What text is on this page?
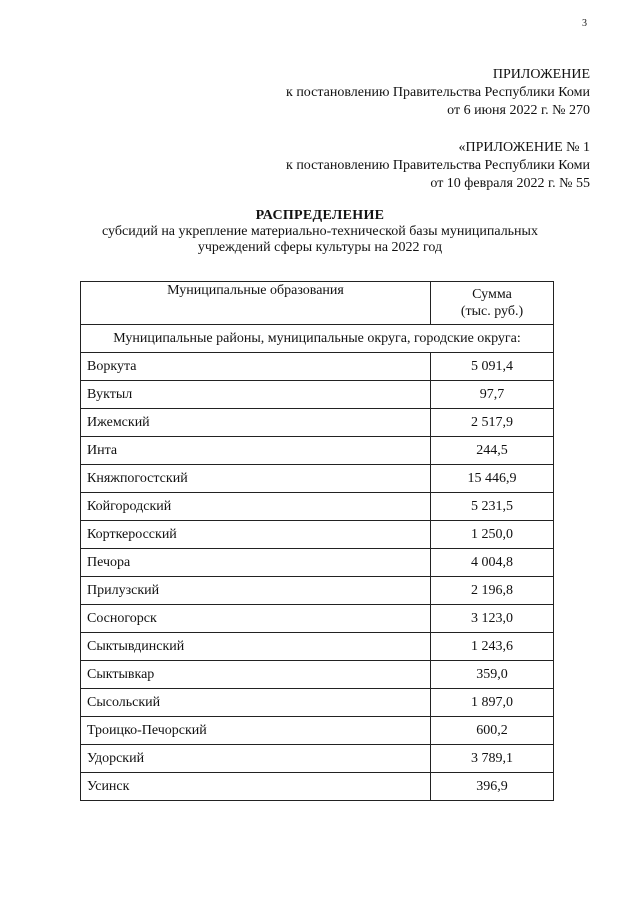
3
ПРИЛОЖЕНИЕ
к постановлению Правительства Республики Коми
от 6 июня 2022 г. № 270
«ПРИЛОЖЕНИЕ № 1
к постановлению Правительства Республики Коми
от 10 февраля 2022 г. № 55
РАСПРЕДЕЛЕНИЕ
субсидий на укрепление материально-технической базы муниципальных
учреждений сферы культуры на 2022 год
Муниципальные образования	Сумма
(тыс. руб.)

Муниципальные районы, муниципальные округа, городские округа:	
Воркута	5 091,4
Вуктыл	97,7
Ижемский	2 517,9
Инта	244,5
Княжпогостский	15 446,9
Койгородский	5 231,5
Корткеросский	1 250,0
Печора	4 004,8
Прилузский	2 196,8
Сосногорск	3 123,0
Сыктывдинский	1 243,6
Сыктывкар	359,0
Сысольский	1 897,0
Троицко-Печорский	600,2
Удорский	3 789,1
Усинск	396,9
